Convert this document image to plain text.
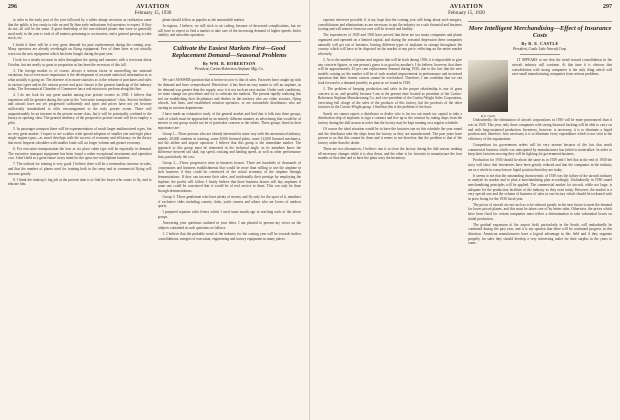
296	AVIATION
February 15, 1930

to sales in the early part of the year followed by a rather abrupt recession as realization came that the public is less ready to ride on and fly than early enthusiasm led operators to expect. If they do not, all will be the same. A great dealership of the non-ticketed planes that were so generally used early in the year is took of all matters pertaining to accessories, and a general passing to take stock, etc.

I doubt if there will be a very great demand for pure replacements during the coming year. Many operators are already overbought on flying equipment. Few of them have as yet actually worn out the new equipment which has been bought during the past year.

I look for a steady increase in sales throughout the spring and summer, with a recession about October, but not nearly so great in proportion as has been the recession of this fall.

3. The foreign market is, of course, always a serious factor in unravelling our seasonal variations, but of even more importance is the development of accurate statistical information as to what actually is going on. The absence of accurate statistics as to the volume of purchases and sales in various types and in the various power and price classes is the greatest handicap of the industry today. The Aeronautical Chamber of Commerce has a real mission to perform along this line.

4. I do not look for any great market among true private owners in 1930. I believe that expansion will be greatest during this year in the "executive transportation" class. Service facilities and aircraft have not yet progressed sufficiently and types and prices have not yet become sufficiently standardized to offer encouragement to the truly private owner. There will unquestionably be an increase in the private owner class, but it will be principally confined to the luxury or sporting class. The general tendency of the prospective private owner will be to employ a pilot.

5. In passenger transport there will be experimentation of much larger multimotored types, but no very great market. I expect to see a rather wide spread adoption of smaller one and eight place single engine types—as travel develops with the success of economy and efficiency on the theory that more frequent schedules with smaller loads will act larger volume and greater economy.

6. For executive transportation the four or six place cabin type will be especially in demand. The executive transport equipment has been found a rather exceptional investment and operation cost. I don't hold as a great future in my mind for the open two-seat biplane business.

7. The outlook for training is very good. I believe there will be a tremendous increase in sales, and that the number of planes used for training both in the army and in commercial flying will increase greatly.

8. I think the industry's big job at the present time is to find the buyer who wants to fly, and to educate him.

plane should follow as popular as the automobile market.

In regions, I believe, we still stick to air coding, because of decreased complications, but we will have to expect to find a market to take care of the increasing demand of higher speeds, better stability and smoother operation.

Cultivate the Easiest Markets First—Good Replacement Demand—Seasonal Problems
By WM. B. ROBERTSON
President, Curtiss-Robertson Airplane Mfg. Co.

We can't ANSWER question that is before us now is that of sales. Factories have caught up with the demand and have overproduced. Heretofore, it has been an easy matter to sell an airplane, as the demand was greater than the supply; now it is not such an easy matter. Under such conditions, we must change our procedure and try to cultivate the markets. The present rapidly realizing this and are establishing their distributors and dealers in the territory who are either aviators, flying schools, lost lines, and established aviation operators, or are automobile distributors who are starting in aviation departments.

I have made an exhaustive study of the general market and find that it falls into three groups, each of which must be approached in an entirely different manner, as advertising that would be of interest to one group would not be of particular concern to the others. These groups listed in their importance are:

Group 1—Those persons who are already interested in some way with the aeronautical industry, namely 28,000 students in training, some 8,000 licensed pilots, some 12,000 licensed mechanics, and the airline and airport operators. I believe that this group is the immediate market. The approach to this group must be interested in the technical angle, as its members know the difference between tail skid, top speed, cruising and landing speed, as well as other performance data, particularly the cost.

Group 2.—Those progressive men in business houses. There are hundreds of thousands of corporations and business establishments that would be more than willing to use the airplane in their business if they could be convinced of the actual economy of the airplane through demonstrations. If they can increase their sales, and incidentally their prestige by employing the airplane, the profits will follow. I firmly believe that there business houses will buy airplanes if some one could be convinced that it would be of real service to them. This can only be done through demonstrations.

Group 3. Those gentlemen who have plenty of money and fly only for the sport of it, members of exclusive clubs including country clubs, yacht owners and others who are lovers of outdoor sports.

I prepared separate sales letters which I used same month ago in reaching each of the above groups.

Answering your questions outlined in your letter, I am pleased to present my views on the subjects contained in such questions as follows:

1. I believe that the probable trend of the industry for the coming year will be towards further consolidations, mergers of execution, engineering and factory equipment in many places.

AVIATION
February 15, 1930
297

expense wherever possible. It is my hope that the coming year will bring about such mergers, consolidations and eliminations as are necessary to put the industry on a safe financial and business footing and will remove from our own will be several and healthy.

The experiences of 1929 and 1930 have proved that there are too many companies and plants organized and operated on a limited capital, and during the seasonal depression these companies naturally will get out of business, leaving different types of airplanes in storage throughout the country which will have to be disposed on the market at any price, reflecting on the entire market adversely.

2. As to the number of planes and engines that will be built during 1930, it is impossible to give any concrete figures, as one person's guess is as good as another's. I do believe, however, that there will be approximately 25 per cent replacement demand during 1930, due to the fact that the new models coming on the market will be of such marked improvement in performance and increased operation that their former owners cannot be overlooked. Therefore, I am confident that we can look forward to a demand possibly as great as we found in 1929.

3. The problem of keeping production and sales in the proper relationship is one of great concern to us, and possibly because I am at the present time located as president of the Curtiss-Robertson Airplane Manufacturing Co. and vice-president of the Curtiss-Wright Sales Corporation, exercising full charge of the sales of the products of this factory, but the products of the other factories in the Curtiss-Wright group. I find that this is the problem of the hour.

Surely we cannot expect a distributor or dealer who is far too out much tax capital to take a distribution ship of airplanes to sign a contract and live up to the contract by taking ships from the factory during the dull season in order that the factory may be kept running on a regular schedule.

Of course the ideal situation would be to have the factories run on this schedule the year round and the distributor take the ships from the factory as they are manufactured. The past years have proven to us that this cannot be done and it seems to me therefore that the problem is that of the factory rather than the dealer.

There are two alternatives, I believe: one is to close the factory during the dull season, making all necessary changes while it is shut down, and the other is for factories to manufacture the four months of that time and to have the plant carry the inventory.

More Intelligent Merchandising—Effect of Insurance Costs
By R. E. CASTLE
President, Castle Lake Aircraft Corp.
R. E. Castle

IT APPEARS to me that the trend toward consolidation in the aircraft industry will continue. At this time it is obvious that consolidation with strong companies is the only thing which will save small manufacturing companies from serious problems.

Undoubtedly, the elimination of aircraft corporations in 1930 will be more pronounced than it was in 1929. This year, only those companies with strong financial backing will be able to carry on and with long-sustained production. Inventory, however, is necessary, it is to eliminate a liquid position and, therefore, how necessary it is to eliminate every expenditure which is not vital to the efficiency of the organization.

Competition for government orders will be very intense because of the fact that much commercial business which was anticipated by manufacturers has failed to materialize. In order to keep their factories moving they will be fighting for government business.

Production for 1930 should be about the same as in 1929 and I feel that at the end of 1930 the story will show that inventories have been greatly reduced and that the companies in the industry are as a whole in a much more liquid position than they are today.

It seems to me that the outstanding characteristic of 1929 was the failure of the aircraft industry to analyze its market and to plan a merchandising plan accordingly. Undoubtedly in 1930 sound merchandising principles will be applied. The commercial market for aircraft, while not large, is adequate for the production facilities of the industry as they exist today. However, the market is a very special one and the volume of business of sales in one factory which should be reckoned with in price fixing for the 1930 fiscal year.

The prices of aircraft are not such as to be reduced greatly in the near future to meet the demand for lower priced planes, and this must be taken care of by better sales. Otherwise, the prices which have been fixed for certain companies must reflect a determination to take substantial losses on initial production.

The gradual expansion of the airport field, particularly in the South, will undoubtedly be continued during the past year, and it is my opinion that there will be continued progress in this direction. American manufacturers have a logical advantage in this field and if they organize properly for sales they should develop a very interesting outlet for their surplus in the years to come.
